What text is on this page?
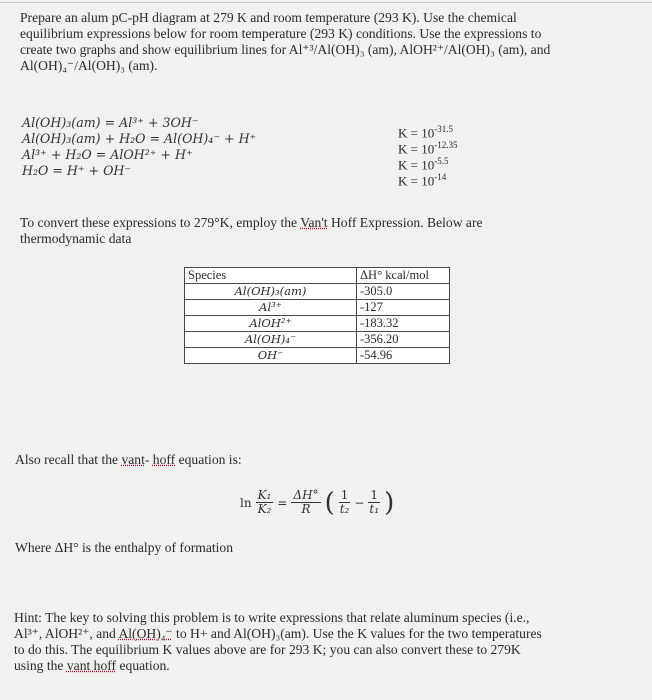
Prepare an alum pC-pH diagram at 279 K and room temperature (293 K). Use the chemical
equilibrium expressions below for room temperature (293 K) conditions. Use the expressions to
create two graphs and show equilibrium lines for Al⁺³/Al(OH)₃ (am), AlOH²⁺/Al(OH)₃ (am), and
Al(OH)₄⁻/Al(OH)₃ (am).
Al(OH)₃(am) = Al³⁺ + 3OH⁻
Al(OH)₃(am) + H₂O = Al(OH)₄⁻ + H⁺
Al³⁺ + H₂O = AlOH²⁺ + H⁺
H₂O = H⁺ + OH⁻
$K = 10^{-31.5}$
$K = 10^{-12.35}$
$K = 10^{-5.5}$
$K = 10^{-14}$
To convert these expressions to 279°K, employ the Van't Hoff Expression. Below are
thermodynamic data
Species	ΔH° kcal/mol
Al(OH)₃(am)	-305.0
Al³⁺	-127
AlOH²⁺	-183.32
Al(OH)₄⁻	-356.20
OH⁻	-54.96
Also recall that the vant- hoff equation is:
$\ln \frac{\text{K₁}}{\text{K₂}} = \frac{\Delta H^\circ}{R}$ ( $\frac{1}{\text{t₂}} - \frac{1}{\text{t₁}}$ )
Where ΔH° is the enthalpy of formation
Hint: The key to solving this problem is to write expressions that relate aluminum species (i.e.,
Al³⁺, AlOH²⁺, and Al(OH)₄⁻ to H+ and Al(OH)₃(am). Use the K values for the two temperatures
to do this. The equilibrium K values above are for 293 K; you can also convert these to 279K
using the vant hoff equation.
